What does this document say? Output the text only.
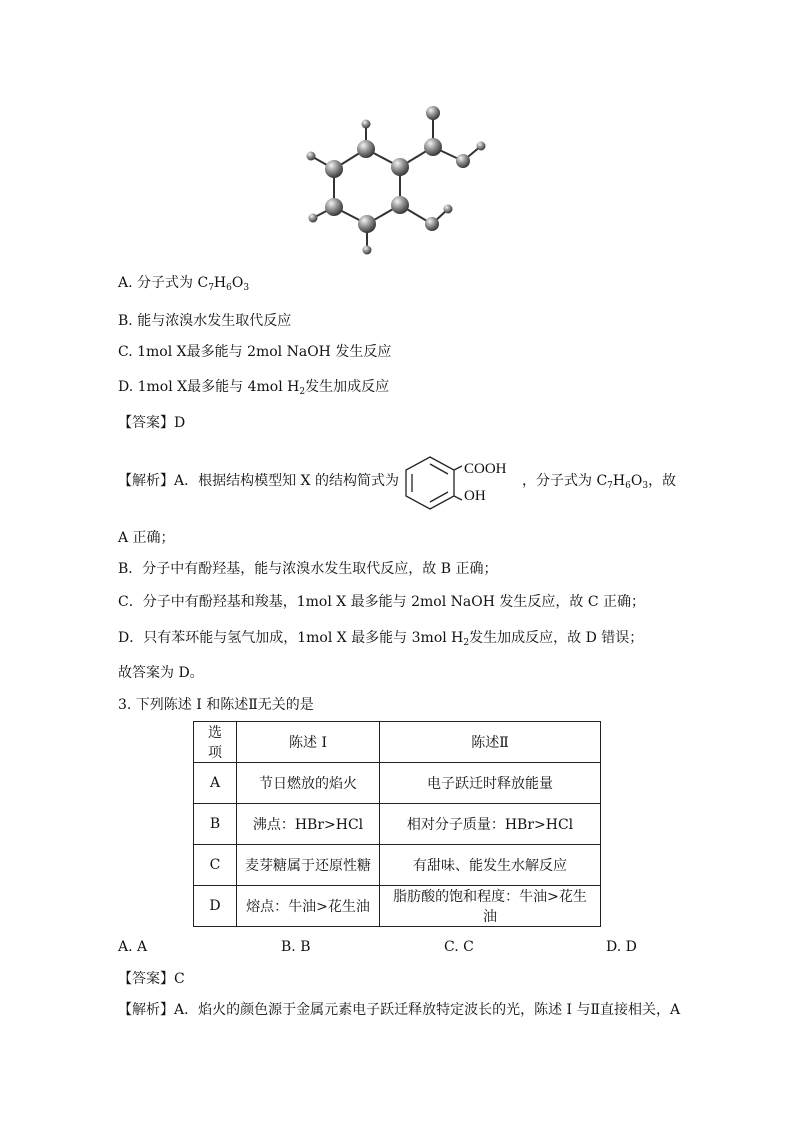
A. 分子式为 $C_7H_6O_3$
B. 能与浓溴水发生取代反应
C. 1mol X最多能与 2mol NaOH 发生反应
D. 1mol X最多能与 4mol $H_2$发生加成反应
【答案】D
【解析】A．根据结构模型知 X 的结构简式为
COOH
OH
，分子式为 $C_7H_6O_3$，故
A 正确；
B．分子中有酚羟基，能与浓溴水发生取代反应，故 B 正确；
C．分子中有酚羟基和羧基，1mol X 最多能与 2mol NaOH 发生反应，故 C 正确；
D．只有苯环能与氢气加成，1mol X 最多能与 3mol $H_2$发生加成反应，故 D 错误；
故答案为 D。
3. 下列陈述 I 和陈述Ⅱ无关的是
选项	陈述 I	陈述Ⅱ
A	节日燃放的焰火	电子跃迁时释放能量
B	沸点：HBr>HCl	相对分子质量：HBr>HCl
C	麦芽糖属于还原性糖	有甜味、能发生水解反应
D	熔点：牛油>花生油	脂肪酸的饱和程度：牛油>花生油
A. A	B. B	C. C	D. D
【答案】C
【解析】A．焰火的颜色源于金属元素电子跃迁释放特定波长的光，陈述 I 与Ⅱ直接相关，A
